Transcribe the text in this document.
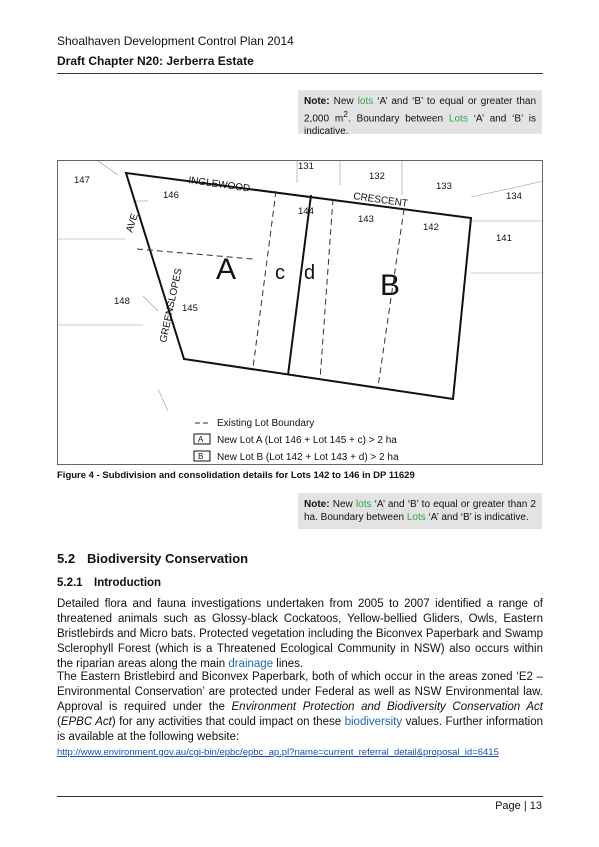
Shoalhaven Development Control Plan 2014
Draft Chapter N20: Jerberra Estate
Note: New lots ‘A’ and ‘B’ to equal or greater than 2,000 $m^2$. Boundary between Lots ‘A’ and ‘B’ is indicative.
INGLEWOOD
CRESCENT
AVE
GREENSLOPES
147
146
131
132
133
134
144
143
142
141
148
145
A c d B
Existing Lot Boundary
A New Lot A (Lot 146 + Lot 145 + c) > 2 ha
B New Lot B (Lot 142 + Lot 143 + d) > 2 ha
Figure 4 - Subdivision and consolidation details for Lots 142 to 146 in DP 11629
Note: New lots ‘A’ and ‘B’ to equal or greater than 2 ha. Boundary between Lots ‘A’ and ‘B’ is indicative.
5.2 Biodiversity Conservation
5.2.1 Introduction
Detailed flora and fauna investigations undertaken from 2005 to 2007 identified a range of threatened animals such as Glossy-black Cockatoos, Yellow-bellied Gliders, Owls, Eastern Bristlebirds and Micro bats. Protected vegetation including the Biconvex Paperbark and Swamp Sclerophyll Forest (which is a Threatened Ecological Community in NSW) also occurs within the riparian areas along the main drainage lines.
The Eastern Bristlebird and Biconvex Paperbark, both of which occur in the areas zoned ‘E2 – Environmental Conservation’ are protected under Federal as well as NSW Environmental law. Approval is required under the Environment Protection and Biodiversity Conservation Act (EPBC Act) for any activities that could impact on these biodiversity values. Further information is available at the following website:
http://www.environment.gov.au/cgi-bin/epbc/epbc_ap.pl?name=current_referral_detail&proposal_id=6415
Page | 13
